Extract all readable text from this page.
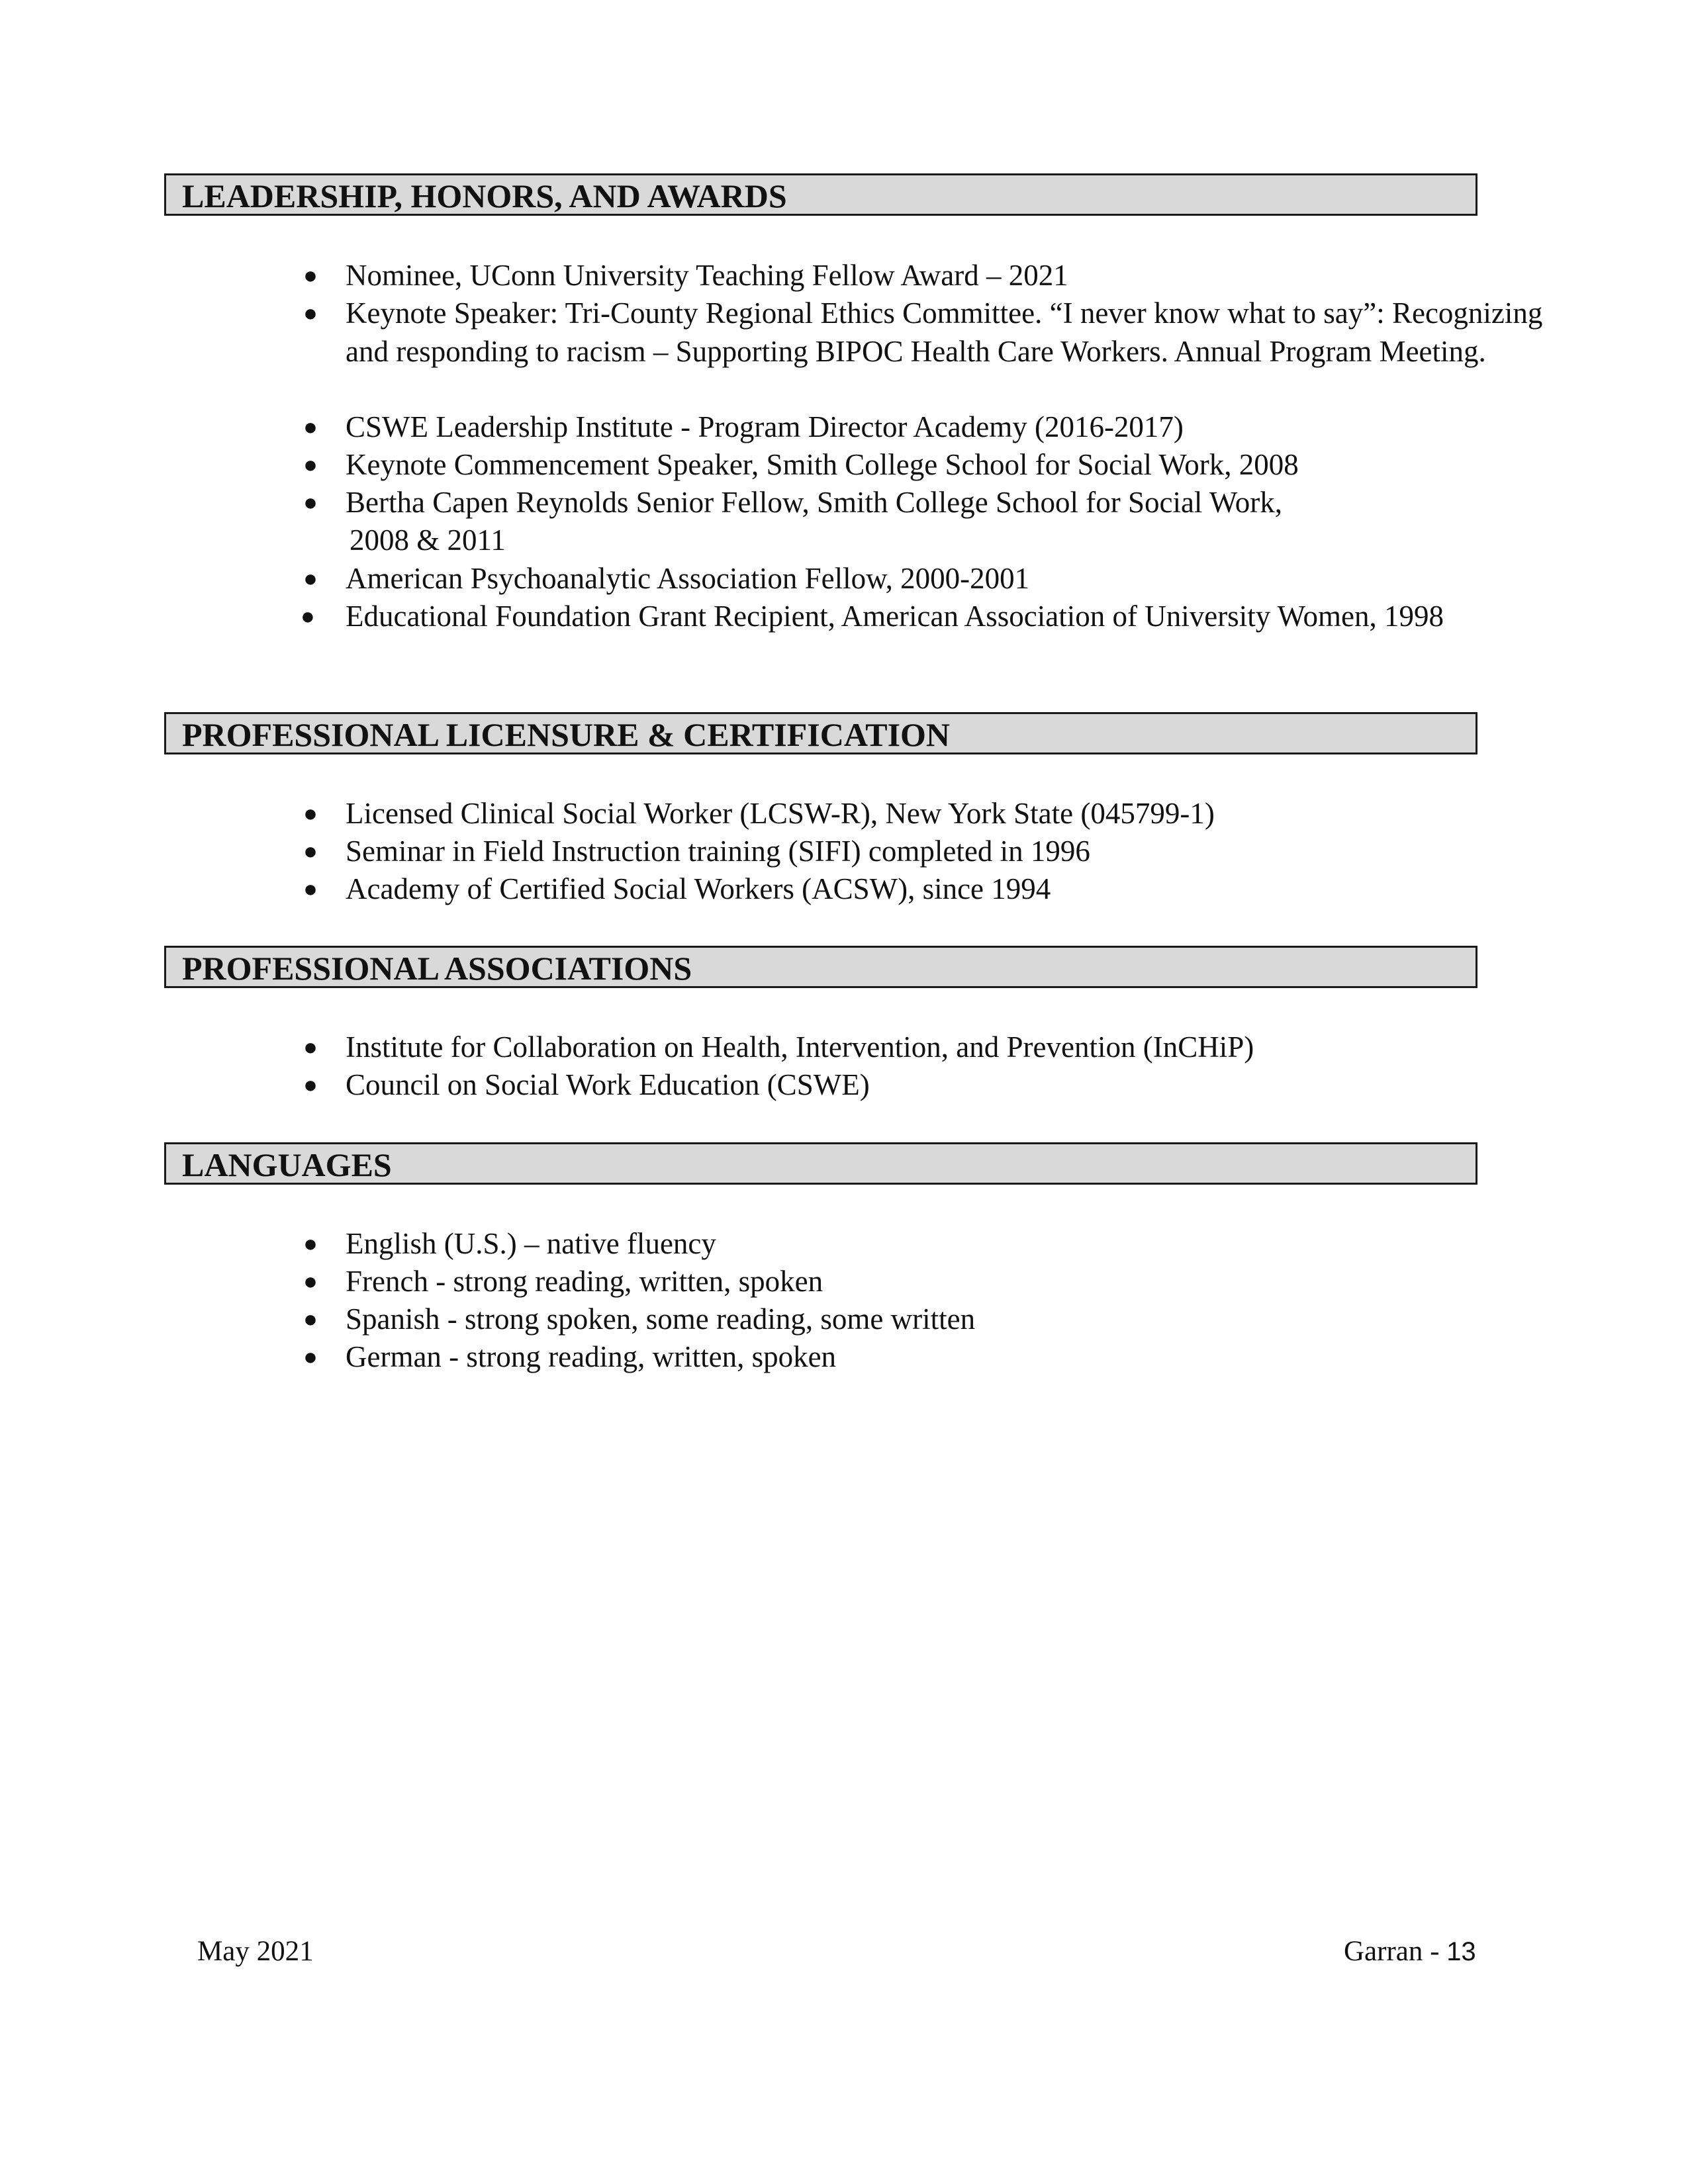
LEADERSHIP, HONORS, AND AWARDS
● Nominee, UConn University Teaching Fellow Award – 2021
● Keynote Speaker: Tri-County Regional Ethics Committee. “I never know what to say”: Recognizing and responding to racism – Supporting BIPOC Health Care Workers. Annual Program Meeting.
● CSWE Leadership Institute - Program Director Academy (2016-2017)
● Keynote Commencement Speaker, Smith College School for Social Work, 2008
● Bertha Capen Reynolds Senior Fellow, Smith College School for Social Work,
2008 & 2011
● American Psychoanalytic Association Fellow, 2000-2001
● Educational Foundation Grant Recipient, American Association of University Women, 1998
PROFESSIONAL LICENSURE & CERTIFICATION
● Licensed Clinical Social Worker (LCSW-R), New York State (045799-1)
● Seminar in Field Instruction training (SIFI) completed in 1996
● Academy of Certified Social Workers (ACSW), since 1994
PROFESSIONAL ASSOCIATIONS
● Institute for Collaboration on Health, Intervention, and Prevention (InCHiP)
● Council on Social Work Education (CSWE)
LANGUAGES
● English (U.S.) – native fluency
● French - strong reading, written, spoken
● Spanish - strong spoken, some reading, some written
● German - strong reading, written, spoken
May 2021	Garran - 13
